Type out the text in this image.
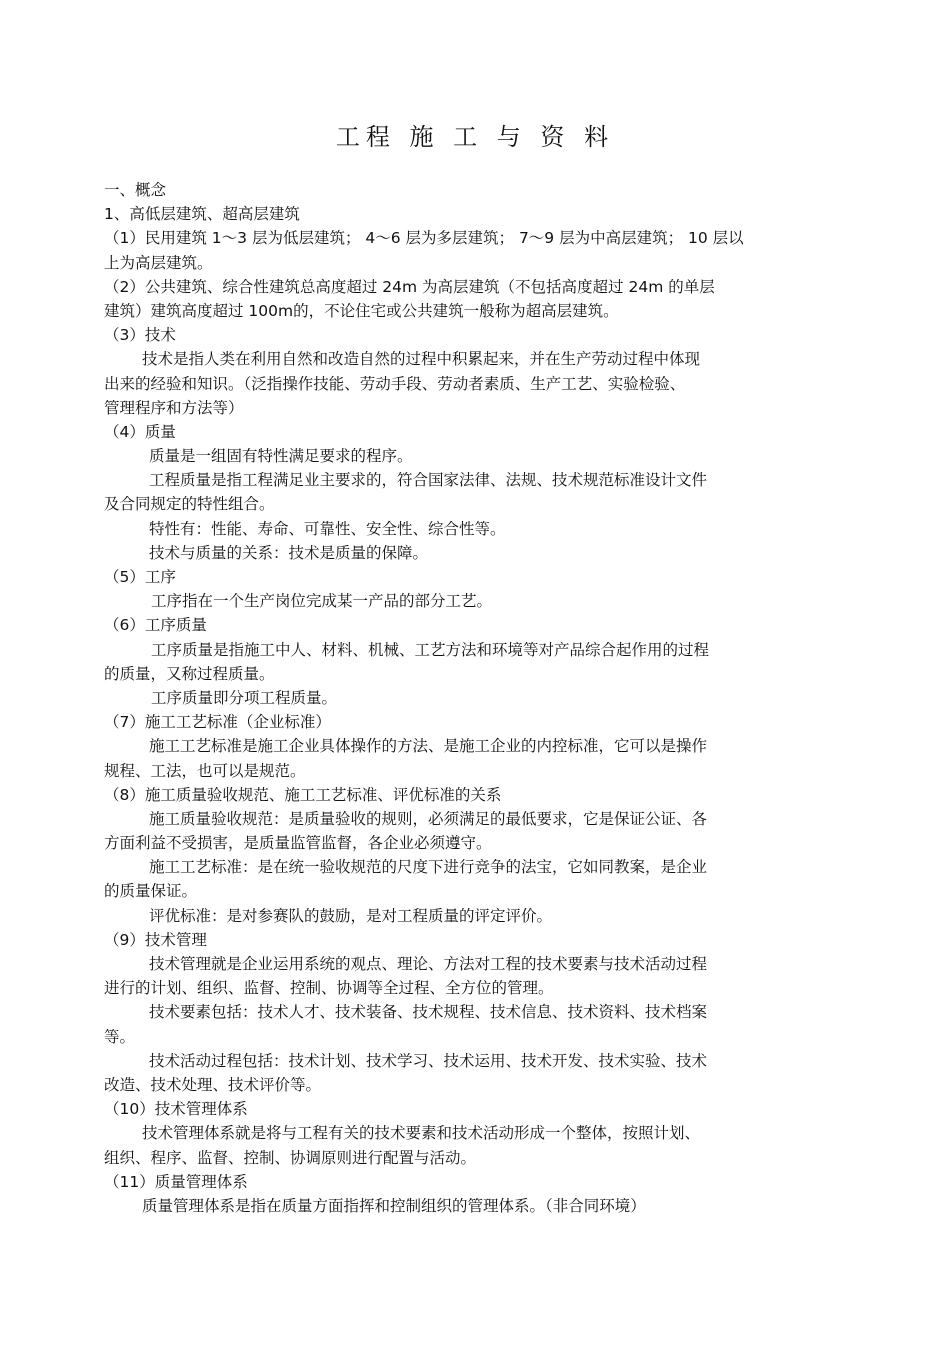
工程 施 工 与 资 料
一、概念
1、高低层建筑、超高层建筑
（1）民用建筑 1～3 层为低层建筑； 4～6 层为多层建筑； 7～9 层为中高层建筑； 10 层以
上为高层建筑。
（2）公共建筑、综合性建筑总高度超过 24m 为高层建筑（不包括高度超过 24m 的单层
建筑）建筑高度超过 100m的，不论住宅或公共建筑一般称为超高层建筑。
（3）技术
技术是指人类在利用自然和改造自然的过程中积累起来，并在生产劳动过程中体现
出来的经验和知识。（泛指操作技能、劳动手段、劳动者素质、生产工艺、实验检验、
管理程序和方法等）
（4）质量
质量是一组固有特性满足要求的程序。
工程质量是指工程满足业主要求的，符合国家法律、法规、技术规范标准设计文件
及合同规定的特性组合。
特性有：性能、寿命、可靠性、安全性、综合性等。
技术与质量的关系：技术是质量的保障。
（5）工序
工序指在一个生产岗位完成某一产品的部分工艺。
（6）工序质量
工序质量是指施工中人、材料、机械、工艺方法和环境等对产品综合起作用的过程
的质量，又称过程质量。
工序质量即分项工程质量。
（7）施工工艺标准（企业标准）
施工工艺标准是施工企业具体操作的方法、是施工企业的内控标准，它可以是操作
规程、工法，也可以是规范。
（8）施工质量验收规范、施工工艺标准、评优标准的关系
施工质量验收规范：是质量验收的规则，必须满足的最低要求，它是保证公证、各
方面利益不受损害，是质量监管监督，各企业必须遵守。
施工工艺标准：是在统一验收规范的尺度下进行竞争的法宝，它如同教案，是企业
的质量保证。
评优标准：是对参赛队的鼓励，是对工程质量的评定评价。
（9）技术管理
技术管理就是企业运用系统的观点、理论、方法对工程的技术要素与技术活动过程
进行的计划、组织、监督、控制、协调等全过程、全方位的管理。
技术要素包括：技术人才、技术装备、技术规程、技术信息、技术资料、技术档案
等。
技术活动过程包括：技术计划、技术学习、技术运用、技术开发、技术实验、技术
改造、技术处理、技术评价等。
（10）技术管理体系
技术管理体系就是将与工程有关的技术要素和技术活动形成一个整体，按照计划、
组织、程序、监督、控制、协调原则进行配置与活动。
（11）质量管理体系
质量管理体系是指在质量方面指挥和控制组织的管理体系。（非合同环境）
